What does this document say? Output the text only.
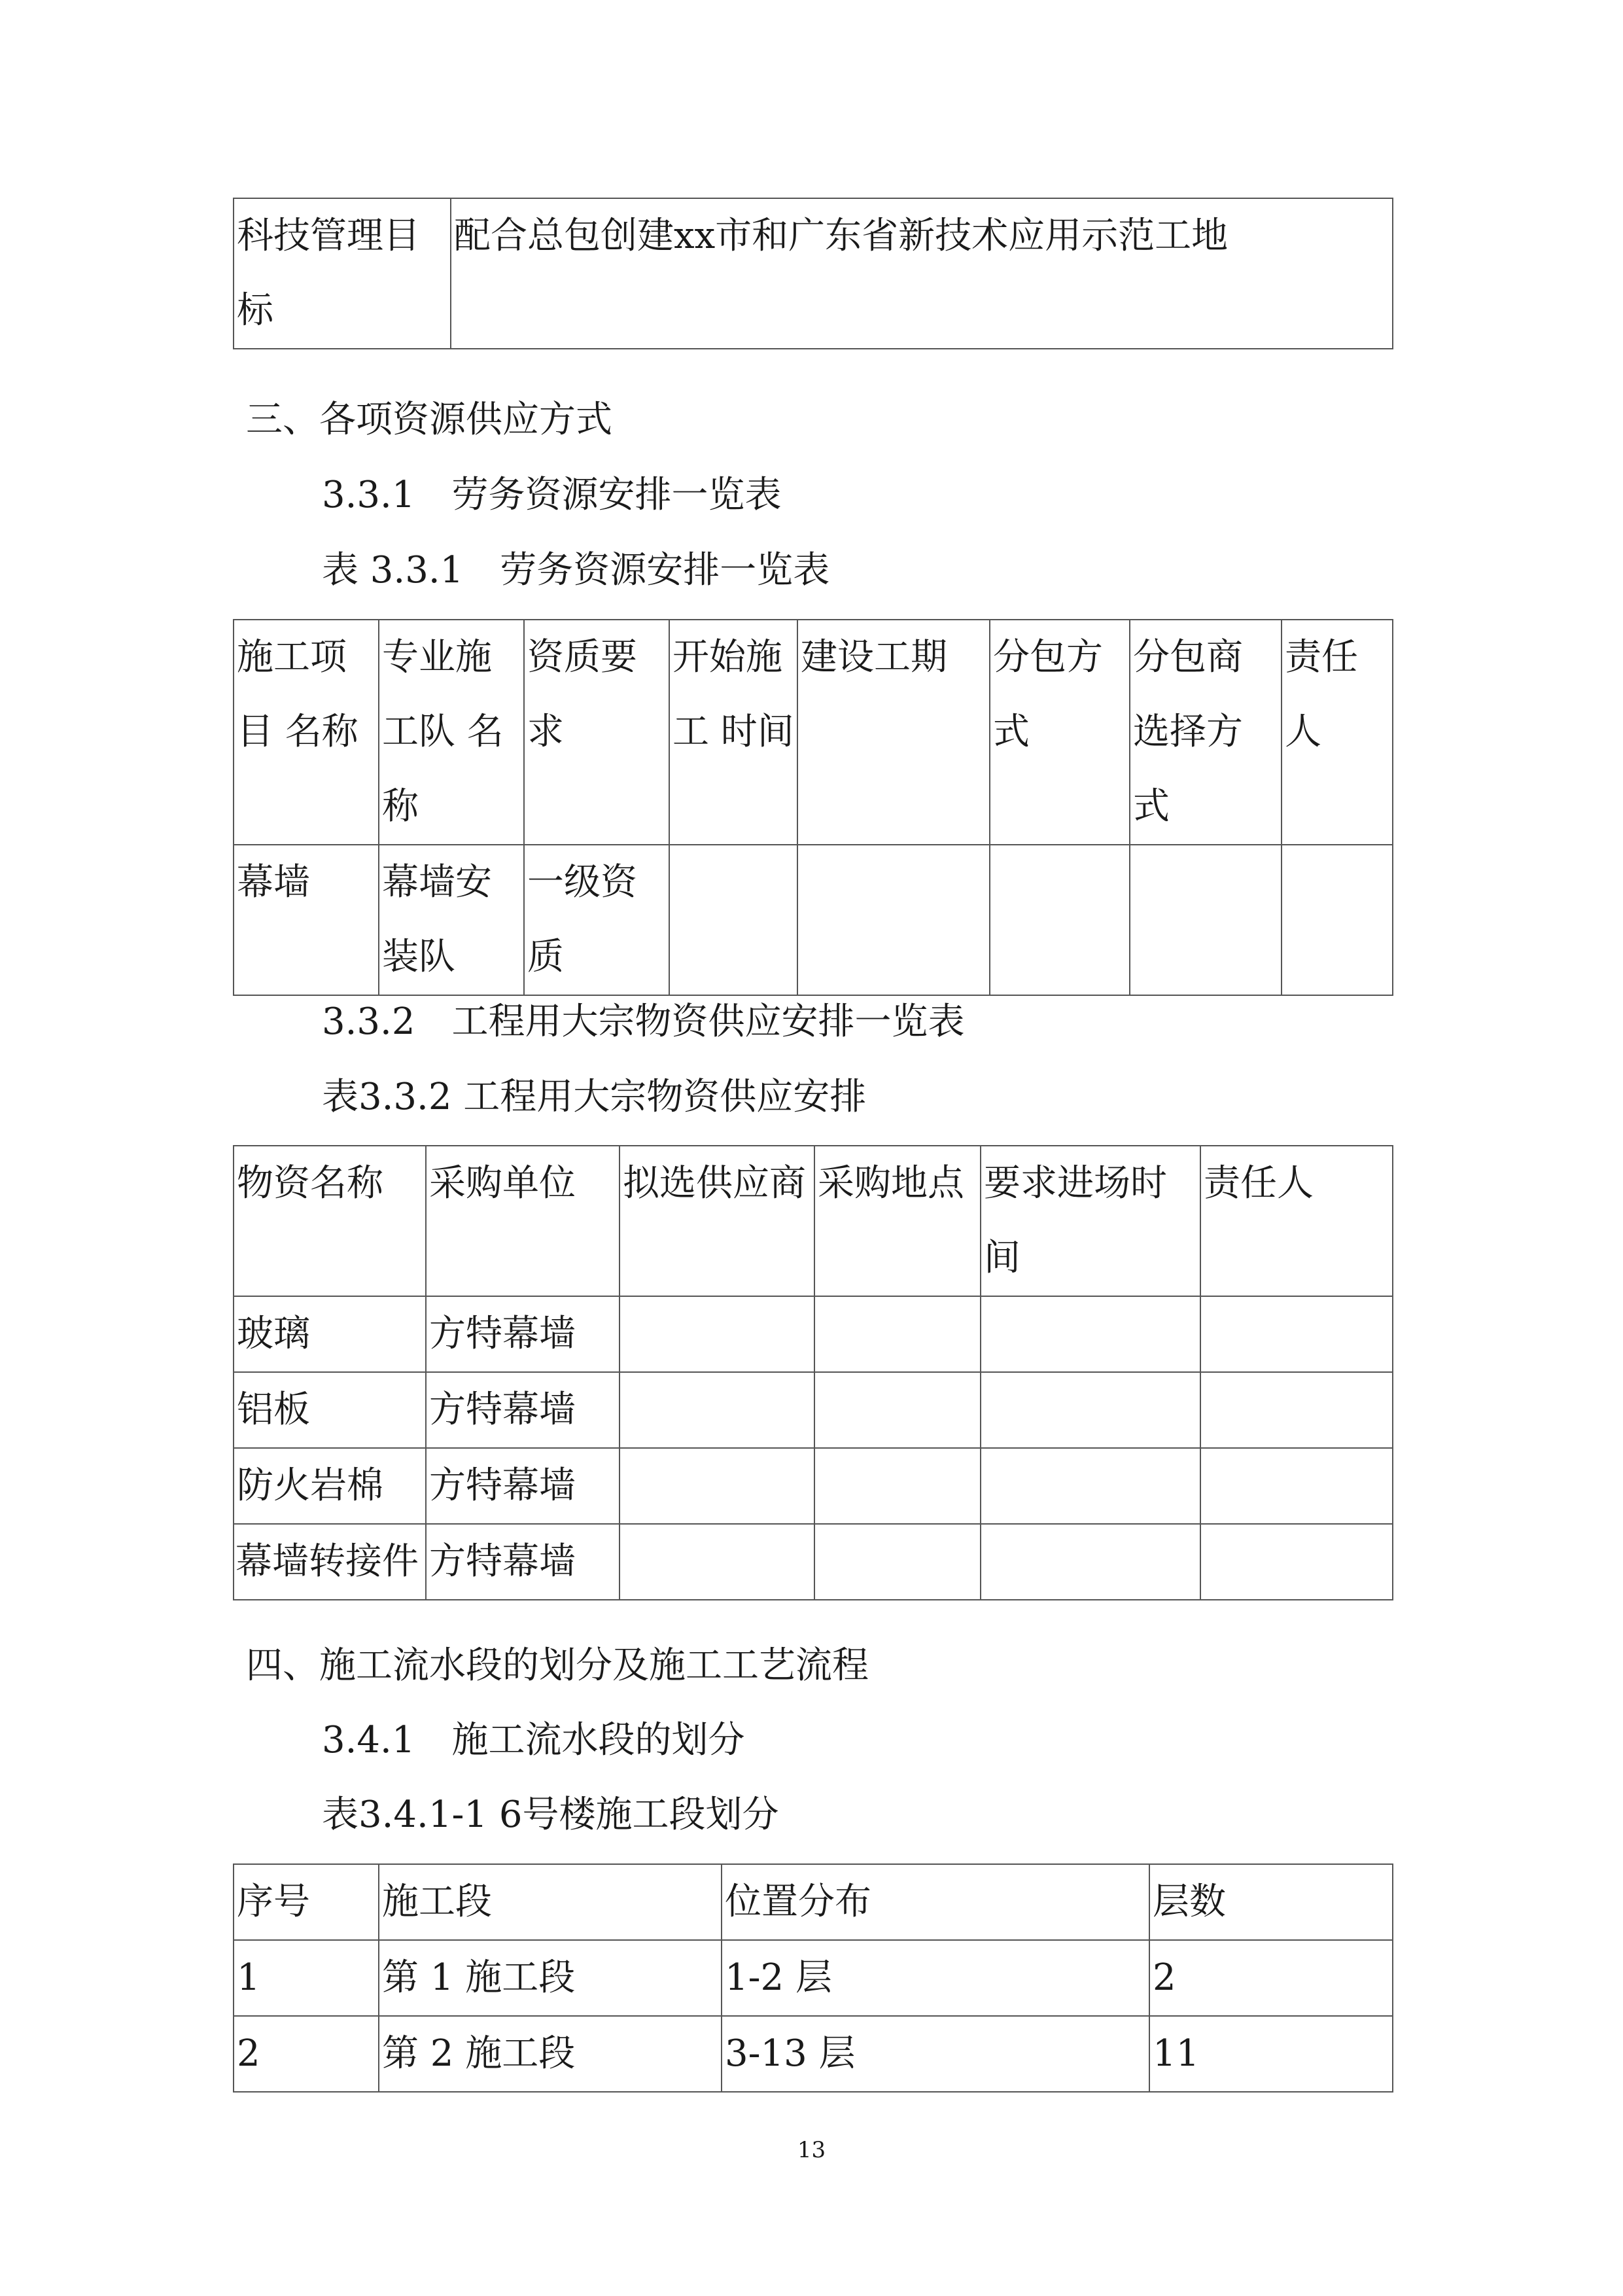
科技管理目标	配合总包创建xx市和广东省新技术应用示范工地
三、各项资源供应方式
3.3.1　劳务资源安排一览表
表 3.3.1　劳务资源安排一览表
施工项目 名称	专业施工队 名称	资质要求	开始施工 时间	建设工期	分包方式	分包商选择方式	责任人
幕墙	幕墙安装队	一级资质					
3.3.2　工程用大宗物资供应安排一览表
表3.3.2 工程用大宗物资供应安排
物资名称	采购单位	拟选供应商	采购地点	要求进场时间	责任人
玻璃	方特幕墙				
铝板	方特幕墙				
防火岩棉	方特幕墙				
幕墙转接件	方特幕墙				
四、施工流水段的划分及施工工艺流程
3.4.1　施工流水段的划分
表3.4.1-1 6号楼施工段划分
序号	施工段	位置分布	层数
1	第 1 施工段	1-2 层	2
2	第 2 施工段	3-13 层	11
13
